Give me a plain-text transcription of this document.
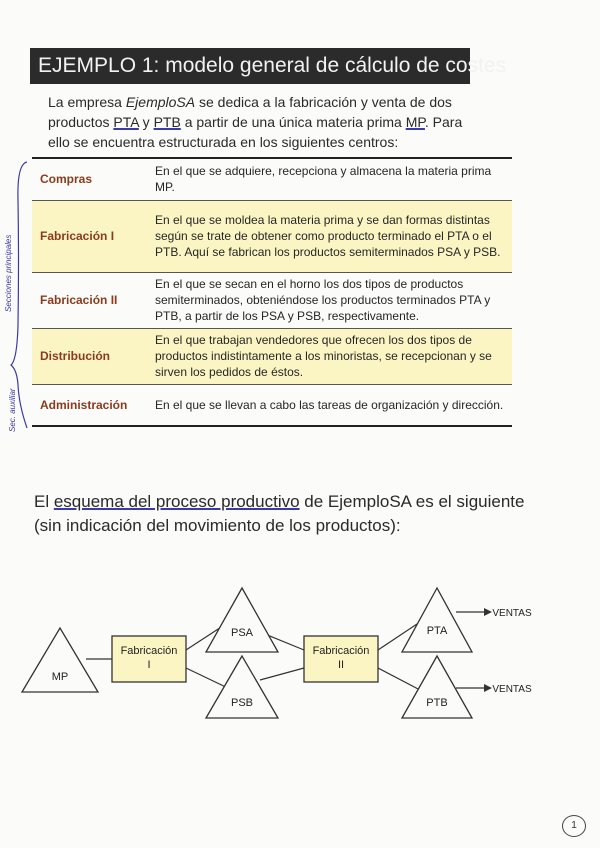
EJEMPLO 1: modelo general de cálculo de costes
La empresa EjemploSA se dedica a la fabricación y venta de dos productos PTA y PTB a partir de una única materia prima MP. Para ello se encuentra estructurada en los siguientes centros:
Secciones principales
Sec. auxiliar
Compras	En el que se adquiere, recepciona y almacena la materia prima MP.
Fabricación I	En el que se moldea la materia prima y se dan formas distintas según se trate de obtener como producto terminado el PTA o el PTB. Aquí se fabrican los productos semiterminados PSA y PSB.
Fabricación II	En el que se secan en el horno los dos tipos de productos semiterminados, obteniéndose los productos terminados PTA y PTB, a partir de los PSA y PSB, respectivamente.
Distribución	En el que trabajan vendedores que ofrecen los dos tipos de productos indistintamente a los minoristas, se recepcionan y se sirven los pedidos de éstos.
Administración	En el que se llevan a cabo las tareas de organización y dirección.
El esquema del proceso productivo de EjemploSA es el siguiente (sin indicación del movimiento de los productos):
MP
Fabricación
I
PSA
PSB
Fabricación
II
PTA
PTB
VENTAS
VENTAS
1
